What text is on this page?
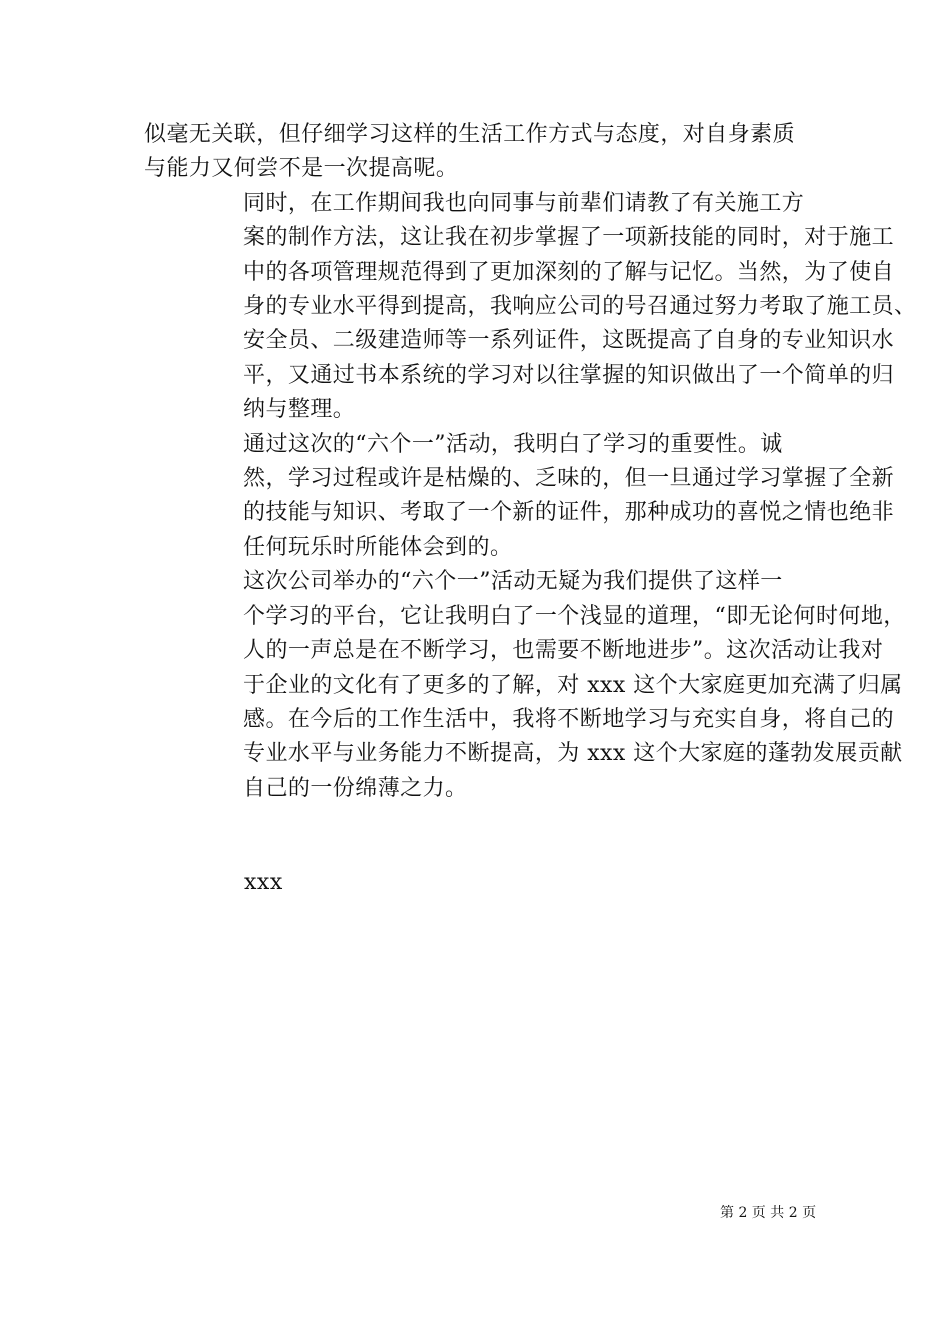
似毫无关联，但仔细学习这样的生活工作方式与态度，对自身素质
与能力又何尝不是一次提高呢。

同时，在工作期间我也向同事与前辈们请教了有关施工方
案的制作方法，这让我在初步掌握了一项新技能的同时，对于施工
中的各项管理规范得到了更加深刻的了解与记忆。当然，为了使自
身的专业水平得到提高，我响应公司的号召通过努力考取了施工员、
安全员、二级建造师等一系列证件，这既提高了自身的专业知识水
平，又通过书本系统的学习对以往掌握的知识做出了一个简单的归
纳与整理。

通过这次的“六个一”活动，我明白了学习的重要性。诚
然，学习过程或许是枯燥的、乏味的，但一旦通过学习掌握了全新
的技能与知识、考取了一个新的证件，那种成功的喜悦之情也绝非
任何玩乐时所能体会到的。

这次公司举办的“六个一”活动无疑为我们提供了这样一
个学习的平台，它让我明白了一个浅显的道理，“即无论何时何地，
人的一声总是在不断学习，也需要不断地进步”。这次活动让我对
于企业的文化有了更多的了解，对 xxx 这个大家庭更加充满了归属
感。在今后的工作生活中，我将不断地学习与充实自身，将自己的
专业水平与业务能力不断提高，为 xxx 这个大家庭的蓬勃发展贡献
自己的一份绵薄之力。

xxx
第 2 页 共 2 页
